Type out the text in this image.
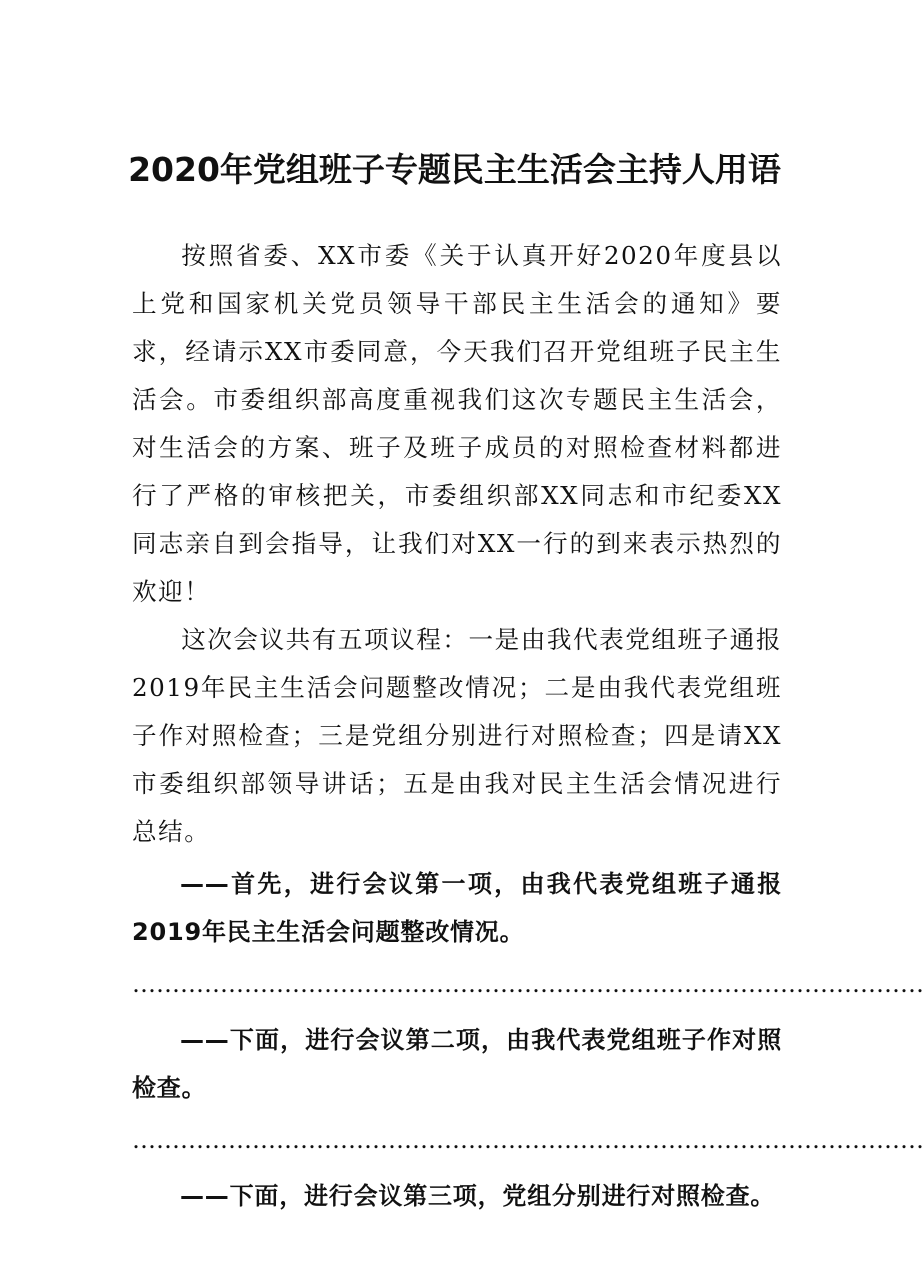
2020年党组班子专题民主生活会主持人用语

按照省委、XX市委《关于认真开好2020年度县以上党和国家机关党员领导干部民主生活会的通知》要求，经请示XX市委同意，今天我们召开党组班子民主生活会。市委组织部高度重视我们这次专题民主生活会，对生活会的方案、班子及班子成员的对照检查材料都进行了严格的审核把关，市委组织部XX同志和市纪委XX同志亲自到会指导，让我们对XX一行的到来表示热烈的欢迎！

这次会议共有五项议程：一是由我代表党组班子通报2019年民主生活会问题整改情况；二是由我代表党组班子作对照检查；三是党组分别进行对照检查；四是请XX市委组织部领导讲话；五是由我对民主生活会情况进行总结。

——首先，进行会议第一项，由我代表党组班子通报2019年民主生活会问题整改情况。

………………………………………………………………………………………

——下面，进行会议第二项，由我代表党组班子作对照检查。

………………………………………………………………………………………

——下面，进行会议第三项，党组分别进行对照检查。
